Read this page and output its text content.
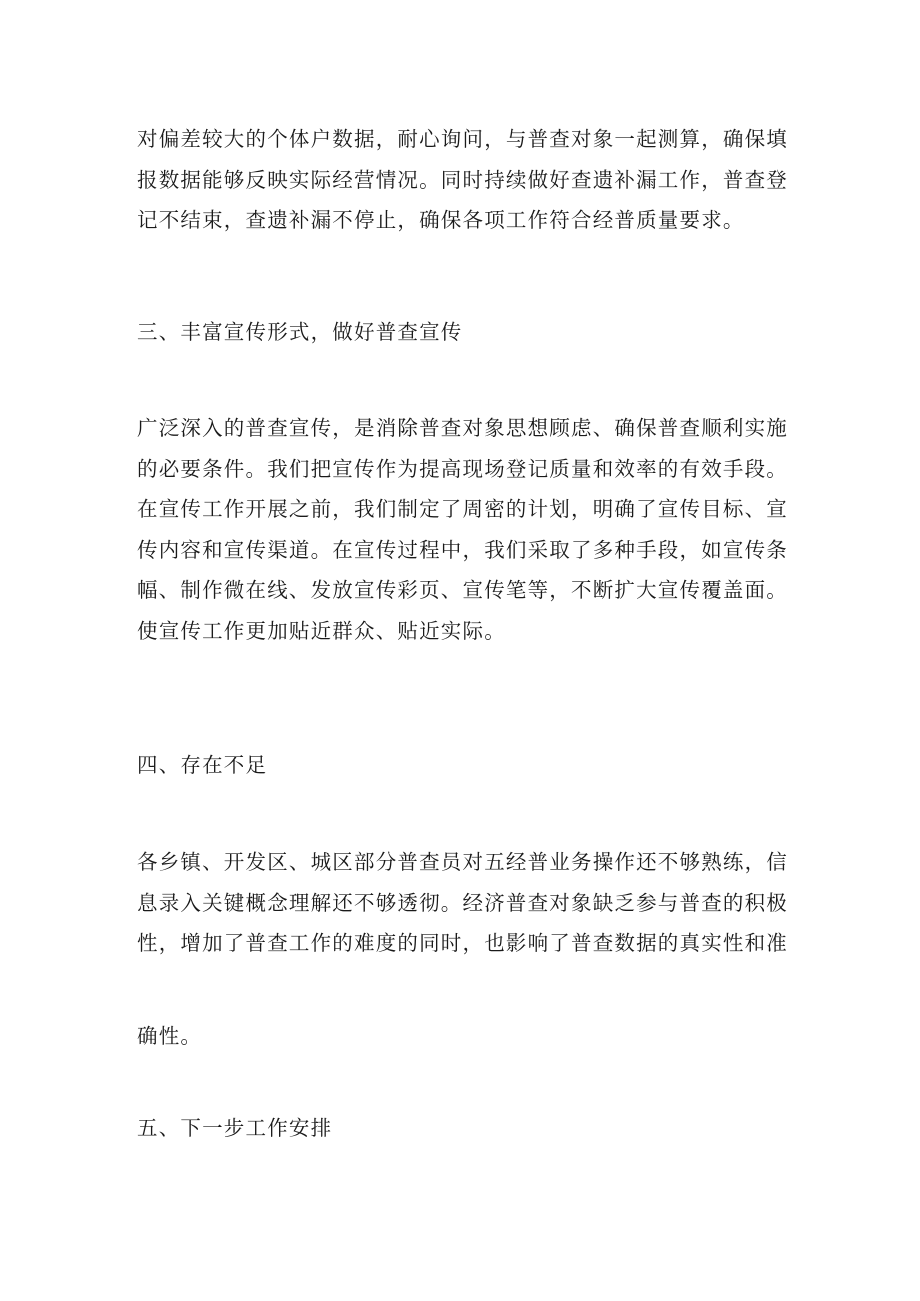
对偏差较大的个体户数据，耐心询问，与普查对象一起测算，确保填报数据能够反映实际经营情况。同时持续做好查遗补漏工作，普查登记不结束，查遗补漏不停止，确保各项工作符合经普质量要求。

三、丰富宣传形式，做好普查宣传

广泛深入的普查宣传，是消除普查对象思想顾虑、确保普查顺利实施的必要条件。我们把宣传作为提高现场登记质量和效率的有效手段。在宣传工作开展之前，我们制定了周密的计划，明确了宣传目标、宣传内容和宣传渠道。在宣传过程中，我们采取了多种手段，如宣传条幅、制作微在线、发放宣传彩页、宣传笔等，不断扩大宣传覆盖面。使宣传工作更加贴近群众、贴近实际。

四、存在不足

各乡镇、开发区、城区部分普查员对五经普业务操作还不够熟练，信息录入关键概念理解还不够透彻。经济普查对象缺乏参与普查的积极性，增加了普查工作的难度的同时，也影响了普查数据的真实性和准

确性。

五、下一步工作安排
